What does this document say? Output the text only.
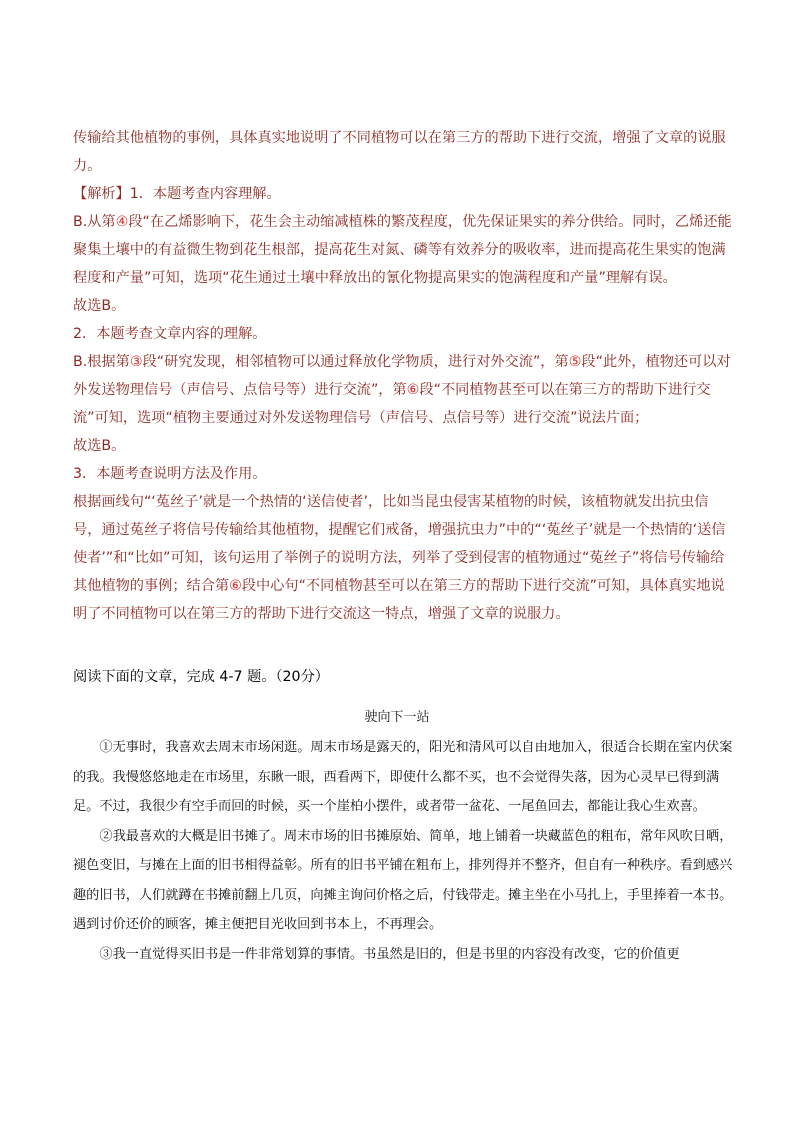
传输给其他植物的事例，具体真实地说明了不同植物可以在第三方的帮助下进行交流，增强了文章的说服

力。

【解析】1．本题考查内容理解。

B.从第④段“在乙烯影响下，花生会主动缩减植株的繁茂程度，优先保证果实的养分供给。同时，乙烯还能聚集土壤中的有益微生物到花生根部，提高花生对氮、磷等有效养分的吸收率，进而提高花生果实的饱满程度和产量”可知，选项“花生通过土壤中释放出的氰化物提高果实的饱满程度和产量”理解有误。

故选B。

2．本题考查文章内容的理解。

B.根据第③段“研究发现，相邻植物可以通过释放化学物质，进行对外交流”，第⑤段“此外，植物还可以对外发送物理信号（声信号、点信号等）进行交流”，第⑥段“不同植物甚至可以在第三方的帮助下进行交流”可知，选项“植物主要通过对外发送物理信号（声信号、点信号等）进行交流”说法片面；

故选B。

3．本题考查说明方法及作用。

根据画线句“‘菟丝子’就是一个热情的‘送信使者’，比如当昆虫侵害某植物的时候，该植物就发出抗虫信号，通过菟丝子将信号传输给其他植物，提醒它们戒备，增强抗虫力”中的“‘菟丝子’就是一个热情的‘送信使者’”和“比如”可知，该句运用了举例子的说明方法，列举了受到侵害的植物通过“菟丝子”将信号传输给其他植物的事例；结合第⑥段中心句“不同植物甚至可以在第三方的帮助下进行交流”可知，具体真实地说明了不同植物可以在第三方的帮助下进行交流这一特点，增强了文章的说服力。

阅读下面的文章，完成 4-7 题。（20分）

驶向下一站

①无事时，我喜欢去周末市场闲逛。周末市场是露天的，阳光和清风可以自由地加入，很适合长期在室内伏案的我。我慢悠悠地走在市场里，东瞅一眼，西看两下，即使什么都不买，也不会觉得失落，因为心灵早已得到满足。不过，我很少有空手而回的时候，买一个崖柏小摆件，或者带一盆花、一尾鱼回去，都能让我心生欢喜。

②我最喜欢的大概是旧书摊了。周末市场的旧书摊原始、简单，地上铺着一块藏蓝色的粗布，常年风吹日晒，褪色变旧，与摊在上面的旧书相得益彰。所有的旧书平铺在粗布上，排列得并不整齐，但自有一种秩序。看到感兴趣的旧书，人们就蹲在书摊前翻上几页，向摊主询问价格之后，付钱带走。摊主坐在小马扎上，手里捧着一本书。遇到讨价还价的顾客，摊主便把目光收回到书本上，不再理会。

③我一直觉得买旧书是一件非常划算的事情。书虽然是旧的，但是书里的内容没有改变，它的价值更
